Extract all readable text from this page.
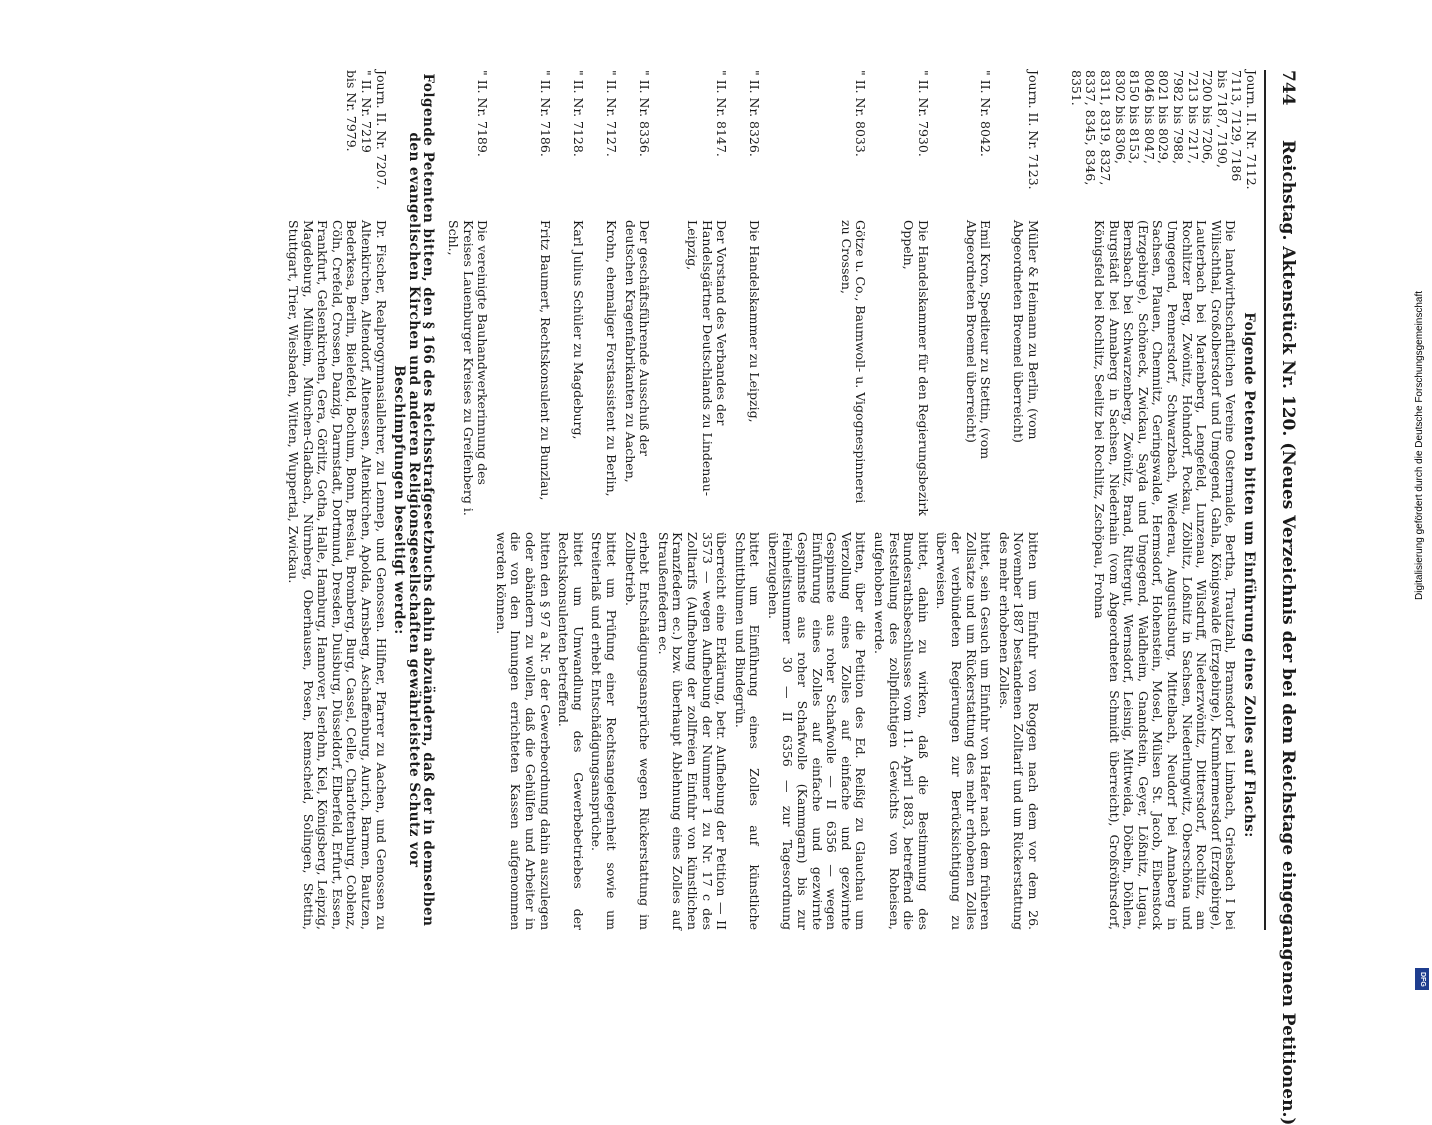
744
Reichstag. Aktenstück Nr. 120. (Neues Verzeichnis der bei dem Reichstage eingegangenen Petitionen.)
Journ. II. Nr. 7112.
7113, 7129, 7186
bis 7187, 7190,
7200 bis 7206,
7213 bis 7217,
7982 bis 7988,
8021 bis 8029,
8046 bis 8047,
8150 bis 8153,
8302 bis 8306,
8311, 8319, 8327,
8337, 8345, 8346,
8351.
Folgende Petenten bitten um Einführung eines Zolles auf Flachs:
Die landwirthschaftlichen Vereine Ostermalde, Bertha, Trautzahl, Bramsdorf bei Limbach, Griesbach I bei Wilischthal, Großolbersdorf und Umgegend, Gahla, Königswalde (Erzgebirge), Krumhermersdorf (Erzgebirge), Lauterbach bei Marienberg, Lengefeld, Lunzenau, Wilsdruff, Niederzwönitz, Dittersdorf, Rochlitz, am Rochlitzer Berg, Zwönitz, Hohndorf, Pockau, Zöblitz, Loßnitz in Sachsen, Niederlungwitz, Oberschöna und Umgegend, Pennersdorf, Schwarzbach, Wiederau, Augustusburg, Mittelbach, Neudorf bei Annaberg in Sachsen, Plauen, Chemnitz, Geringswalde, Hermsdorf, Hohenstein, Mosel, Mülsen St. Jacob, Eibenstock (Erzgebirge), Schöneck, Zwickau, Sayda und Umgegend, Waldheim, Gnandstein, Geyer, Lößnitz, Lugau, Bernsbach bei Schwarzenberg, Zwönitz, Brand, Rittergut, Wernsdorf, Leisnig, Mittweida, Döbeln, Döhlen, Burgstädt bei Annaberg in Sachsen, Niederhain (vom Abgeordneten Schmidt überreicht), Großröhrsdorf, Königsfeld bei Rochlitz, Seelitz bei Rochlitz, Zschöpau, Frohna
Journ. II. Nr. 7123.
Müller & Heimann zu Berlin, (vom Abgeordneten Broemel überreicht)
bitten um Einfuhr von Roggen nach dem vor dem 26. November 1887 bestandenen Zolltarif und um Rückerstattung des mehr erhobenen Zolles.
" II. Nr. 8042.
Emil Kron, Spediteur zu Stettin, (vom Abgeordneten Broemel überreicht)
bittet, sein Gesuch um Einfuhr von Hafer nach dem früheren Zollsatze und um Rückerstattung des mehr erhobenen Zolles der verbündeten Regierungen zur Berücksichtigung zu überweisen.
" II. Nr. 7930.
Die Handelskammer für den Regierungsbezirk Oppeln,
bittet, dahin zu wirken, daß die Bestimmung des Bundesrathsbeschlusses vom 11. April 1883, betreffend die Feststellung des zollpflichtigen Gewichts von Roheisen, aufgehoben werde.
" II. Nr. 8033.
Götze u. Co., Baumwoll- u. Vigognespinnerei zu Crossen,
bitten, über die Petition des Ed. Reißig zu Glauchau um Verzollung eines Zolles auf einfache und gezwirnte Gespinnste aus roher Schafwolle — II 6356 — wegen Einführung eines Zolles auf einfache und gezwirnte Gespinnste aus roher Schafwolle (Kammgarn) bis zur Feinheitsnummer 30 — II 6356 — zur Tagesordnung überzugehen.
" II. Nr. 8326.
Die Handelskammer zu Leipzig,
bittet um Einführung eines Zolles auf künstliche Schnittblumen und Bindegrün.
" II. Nr. 8147.
Der Vorstand des Verbandes der Handelsgärtner Deutschlands zu Lindenau-Leipzig,
überreicht eine Erklärung, betr. Aufhebung der Petition — II 3573 — wegen Aufhebung der Nummer 1 zu Nr. 17 c des Zolltarifs (Aufhebung der zollfreien Einfuhr von künstlichen Kranzfedern ec.) bzw. überhaupt Ablehnung eines Zolles auf Straußenfedern ec.
" II. Nr. 8336.
Der geschäftsführende Ausschuß der deutschen Kragenfabrikanten zu Aachen,
erhebt Entschädigungsansprüche wegen Rückerstattung im Zollbetrieb.
" II. Nr. 7127.
Krohn, ehemaliger Forstassistent zu Berlin,
bittet um Prüfung einer Rechtsangelegenheit sowie um Streiterlaß und erhebt Entschädigungsansprüche.
" II. Nr. 7128.
Karl Julius Schüler zu Magdeburg,
bittet um Umwandlung des Gewerbebetriebes der Rechtskonsulenten betreffend.
" II. Nr. 7186.
Fritz Baumert, Rechtskonsulent zu Bunzlau,
bitten den § 97 a Nr. 5 der Gewerbeordnung dahin auszulegen oder abändern zu wollen, daß die Gehülfen und Arbeiter in die von den Innungen errichteten Kassen aufgenommen werden können.
" II. Nr. 7189.
Die vereinigte Bauhandwerkerinnung des Kreises Lauenburger Kreises zu Greifenberg i. Schl.,
Folgende Petenten bitten, den § 166 des Reichsstrafgesetzbuchs dahin abzuändern, daß der in demselben den evangelischen Kirchen und anderen Religionsgesellschaften gewährleistete Schutz vor Beschimpfungen beseitigt werde:
Journ. II. Nr. 7207.
" II. Nr. 7219
bis Nr. 7979.
Dr. Fischer, Realprogymnasiallehrer, zu Lennep, und Genossen. Hilfner, Pfarrer zu Aachen, und Genossen zu Altenkirchen, Altendorf, Altenessen, Altenkirchen, Apolda, Arnsberg, Aschaffenburg, Aurich, Barmen, Bautzen, Bederkesa, Berlin, Bielefeld, Bochum, Bonn, Breslau, Bromberg, Burg, Cassel, Celle, Charlottenburg, Coblenz, Cöln, Crefeld, Crossen, Danzig, Darmstadt, Dortmund, Dresden, Duisburg, Düsseldorf, Elberfeld, Erfurt, Essen, Frankfurt, Gelsenkirchen, Gera, Görlitz, Gotha, Halle, Hamburg, Hannover, Iserlohn, Kiel, Königsberg, Leipzig, Magdeburg, Mülheim, München-Gladbach, Nürnberg, Oberhausen, Posen, Remscheid, Solingen, Stettin, Stuttgart, Trier, Wiesbaden, Witten, Wuppertal, Zwickau.	Digitalisierung gefördert durch die Deutsche Forschungsgemeinschaft
DFG
